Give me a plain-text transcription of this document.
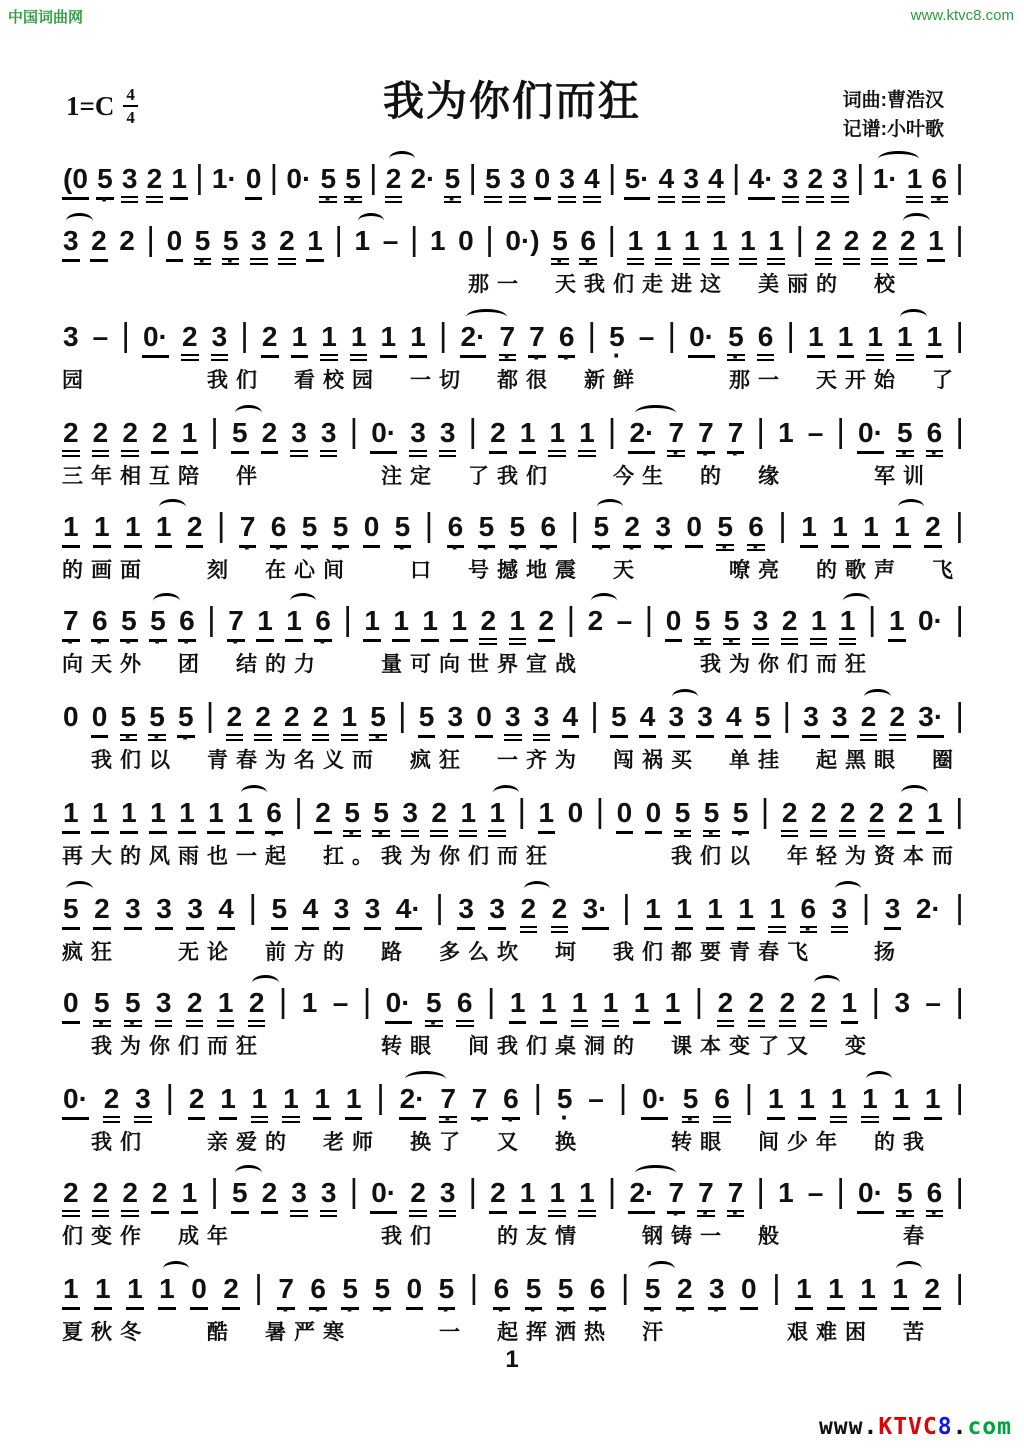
中国词曲网	www.ktvc8.com
$1=C \frac{4}{4}$	我为你们而狂	词曲:曹浩汉
记谱:小叶歌
(0 5 · 3 2 1 | 1· 0 | 0· 5 · 5 · | 2 2· 5 · | 5 3 0 3 4 | 5· 4 3 4 | 4· 3 2 3 | 1· 1 6 · |
3 2 2 | 0 5 · 5 · 3 2 1 | 1 – | 1 0 | 0·) 5 · 6 · | 1 1 1 1 1 1 | 2 2 2 2 1 |
　　　　　　　　　　　　　　那一　天我们走进这　美丽的　校
3 – | 0· 2 3 | 2 1 1 1 1 1 | 2· 7 · 7 · 6 · | 5 · – | 0· 5 · 6 | 1 1 1 1 1 |
园　　　　我们　看校园　一切　都很　新鲜　　　那一　天开始　了
2 2 2 2 1 | 5 2 3 3 | 0· 3 3 | 2 1 1 1 | 2· 7 · 7 · 7 · | 1 – | 0· 5 · 6 · |
三年相互陪　伴　　　　注定　了我们　　今生　的　缘　　　军训
1 1 1 1 2 | 7 · 6 · 5 · 5 · 0 5 · | 6 · 5 · 5 · 6 · | 5 · 2 · 3 · 0 5 · 6 · | 1 1 1 1 2 |
的画面　　刻　在心间　　口　号撼地震　天　　　嘹亮　的歌声　飞
7 · 6 · 5 · 5 · 6 · | 7 · 1 1 6 · | 1 1 1 1 2 1 2 | 2 – | 0 5 · 5 · 3 2 1 1 | 1 0· |
向天外　团　结的力　　量可向世界宣战　　　　我为你们而狂
0 0 5 · 5 · 5 · | 2 2 2 2 1 5 · | 5 3 0 3 3 4 | 5 4 3 3 4 5 | 3 3 2 2 3· |
　我们以　青春为名义而　疯狂　一齐为　闯祸买　单挂　起黑眼　圈
1 1 1 1 1 1 1 6 · | 2 5 · 5 · 3 2 1 1 | 1 0 | 0 0 5 · 5 · 5 · | 2 2 2 2 2 1 |
再大的风雨也一起　扛。我为你们而狂　　　　我们以　年轻为资本而
5 2 3 3 3 4 | 5 4 3 3 4· | 3 3 2 2 3· | 1 1 1 1 1 6 · 3 | 3 2· |
疯狂　　无论　前方的　路　多么坎　坷　我们都要青春飞　　扬
0 5 · 5 · 3 2 1 2 | 1 – | 0· 5 · 6 | 1 1 1 1 1 1 | 2 2 2 2 1 | 3 – |
　我为你们而狂　　　　转眼　间我们桌洞的　课本变了又　变
0· 2 3 | 2 1 1 1 1 1 | 2· 7 · 7 · 6 · | 5 · – | 0· 5 · 6 | 1 1 1 1 1 1 |
　我们　　亲爱的　老师　换了　又　换　　　转眼　间少年　的我
2 2 2 2 1 | 5 2 3 3 | 0· 2 3 | 2 1 1 1 | 2· 7 · 7 · 7 · | 1 – | 0· 5 · 6 · |
们变作　成年　　　　　我们　　的友情　　钢铸一　般　　　　春
1 1 1 1 0 2 | 7 · 6 · 5 · 5 · 0 5 · | 6 · 5 · 5 · 6 · | 5 · 2 · 3 · 0 | 1 1 1 1 2 |
夏秋冬　　酷　暑严寒　　　一　起挥洒热　汗　　　　艰难困　苦
1
www.KTVC8.com
